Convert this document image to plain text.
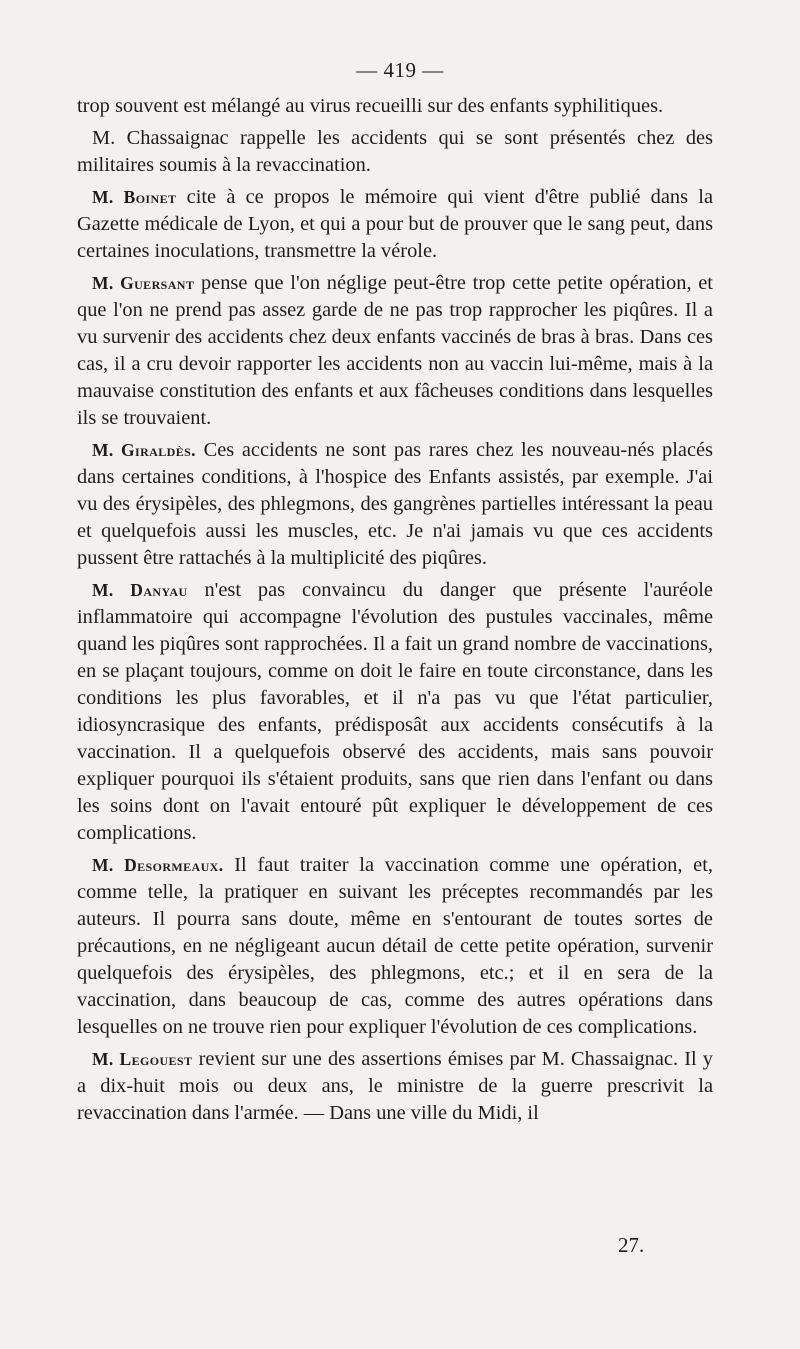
— 419 —

trop souvent est mélangé au virus recueilli sur des enfants syphilitiques.

M. Chassaignac rappelle les accidents qui se sont présentés chez des militaires soumis à la revaccination.

M. Boinet cite à ce propos le mémoire qui vient d'être publié dans la Gazette médicale de Lyon, et qui a pour but de prouver que le sang peut, dans certaines inoculations, transmettre la vérole.

M. Guersant pense que l'on néglige peut-être trop cette petite opération, et que l'on ne prend pas assez garde de ne pas trop rapprocher les piqûres. Il a vu survenir des accidents chez deux enfants vaccinés de bras à bras. Dans ces cas, il a cru devoir rapporter les accidents non au vaccin lui-même, mais à la mauvaise constitution des enfants et aux fâcheuses conditions dans lesquelles ils se trouvaient.

M. Giraldès. Ces accidents ne sont pas rares chez les nouveau-nés placés dans certaines conditions, à l'hospice des Enfants assistés, par exemple. J'ai vu des érysipèles, des phlegmons, des gangrènes partielles intéressant la peau et quelquefois aussi les muscles, etc. Je n'ai jamais vu que ces accidents pussent être rattachés à la multiplicité des piqûres.

M. Danyau n'est pas convaincu du danger que présente l'auréole inflammatoire qui accompagne l'évolution des pustules vaccinales, même quand les piqûres sont rapprochées. Il a fait un grand nombre de vaccinations, en se plaçant toujours, comme on doit le faire en toute circonstance, dans les conditions les plus favorables, et il n'a pas vu que l'état particulier, idiosyncrasique des enfants, prédisposât aux accidents consécutifs à la vaccination. Il a quelquefois observé des accidents, mais sans pouvoir expliquer pourquoi ils s'étaient produits, sans que rien dans l'enfant ou dans les soins dont on l'avait entouré pût expliquer le développement de ces complications.

M. Desormeaux. Il faut traiter la vaccination comme une opération, et, comme telle, la pratiquer en suivant les préceptes recommandés par les auteurs. Il pourra sans doute, même en s'entourant de toutes sortes de précautions, en ne négligeant aucun détail de cette petite opération, survenir quelquefois des érysipèles, des phlegmons, etc.; et il en sera de la vaccination, dans beaucoup de cas, comme des autres opérations dans lesquelles on ne trouve rien pour expliquer l'évolution de ces complications.

M. Legouest revient sur une des assertions émises par M. Chassaignac. Il y a dix-huit mois ou deux ans, le ministre de la guerre prescrivit la revaccination dans l'armée. — Dans une ville du Midi, il

27.
